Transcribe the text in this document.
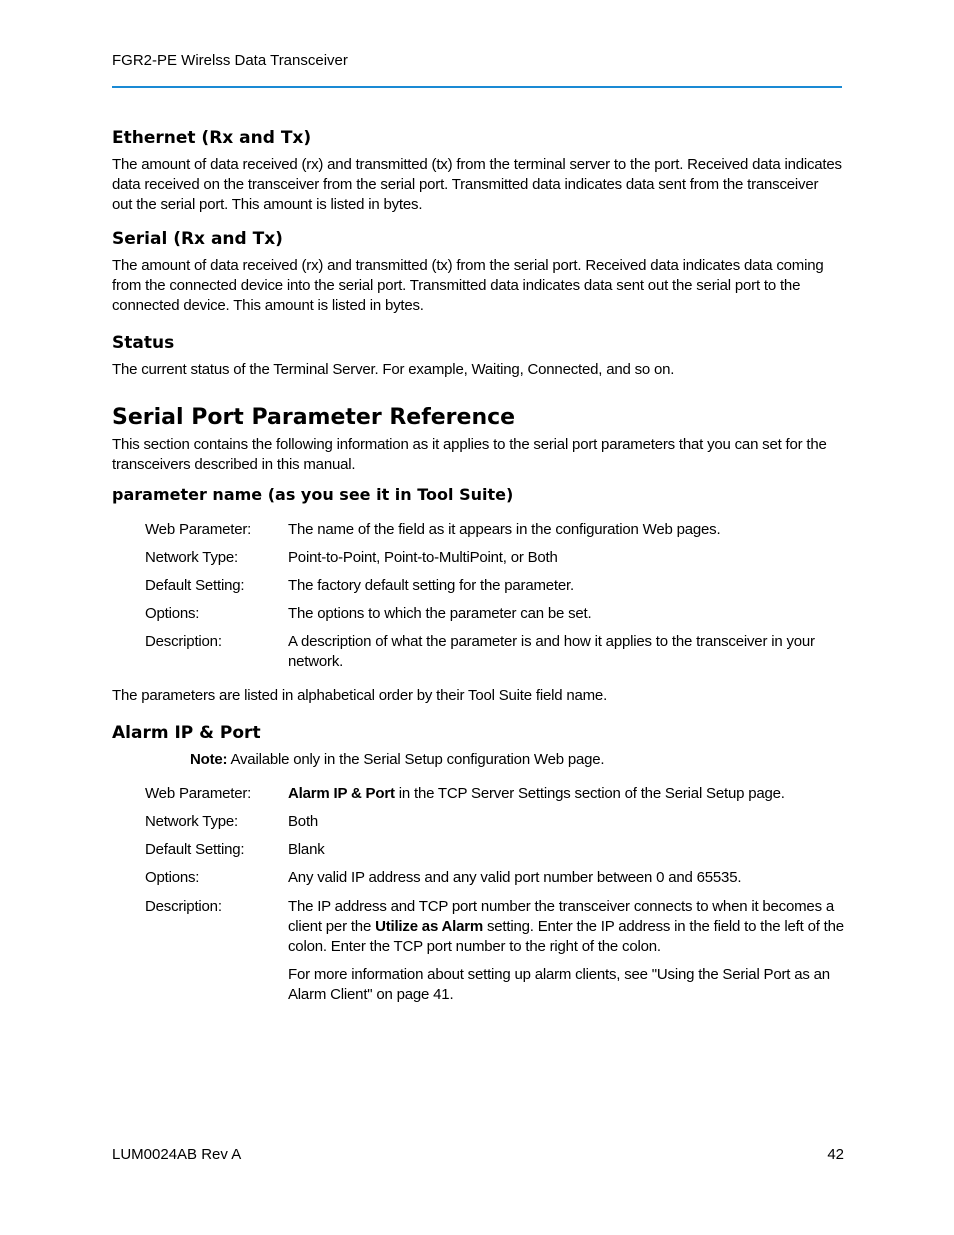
FGR2-PE Wirelss Data Transceiver
Ethernet (Rx and Tx)

The amount of data received (rx) and transmitted (tx) from the terminal server to the port. Received data indicates data received on the transceiver from the serial port. Transmitted data indicates data sent from the transceiver out the serial port. This amount is listed in bytes.

Serial (Rx and Tx)

The amount of data received (rx) and transmitted (tx) from the serial port. Received data indicates data coming from the connected device into the serial port. Transmitted data indicates data sent out the serial port to the connected device. This amount is listed in bytes.

Status

The current status of the Terminal Server. For example, Waiting, Connected, and so on.

Serial Port Parameter Reference

This section contains the following information as it applies to the serial port parameters that you can set for the transceivers described in this manual.

parameter name (as you see it in Tool Suite)
Web Parameter:	The name of the field as it appears in the configuration Web pages.
Network Type:	Point-to-Point, Point-to-MultiPoint, or Both
Default Setting:	The factory default setting for the parameter.
Options:	The options to which the parameter can be set.
Description:	A description of what the parameter is and how it applies to the transceiver in your network.

The parameters are listed in alphabetical order by their Tool Suite field name.

Alarm IP & Port
Note: Available only in the Serial Setup configuration Web page.
Web Parameter:	Alarm IP & Port in the TCP Server Settings section of the Serial Setup page.
Network Type:	Both
Default Setting:	Blank
Options:	Any valid IP address and any valid port number between 0 and 65535.
Description:	The IP address and TCP port number the transceiver connects to when it becomes a client per the Utilize as Alarm setting. Enter the IP address in the field to the left of the colon. Enter the TCP port number to the right of the colon.
For more information about setting up alarm clients, see "Using the Serial Port as an Alarm Client" on page 41.
LUM0024AB Rev A	42
